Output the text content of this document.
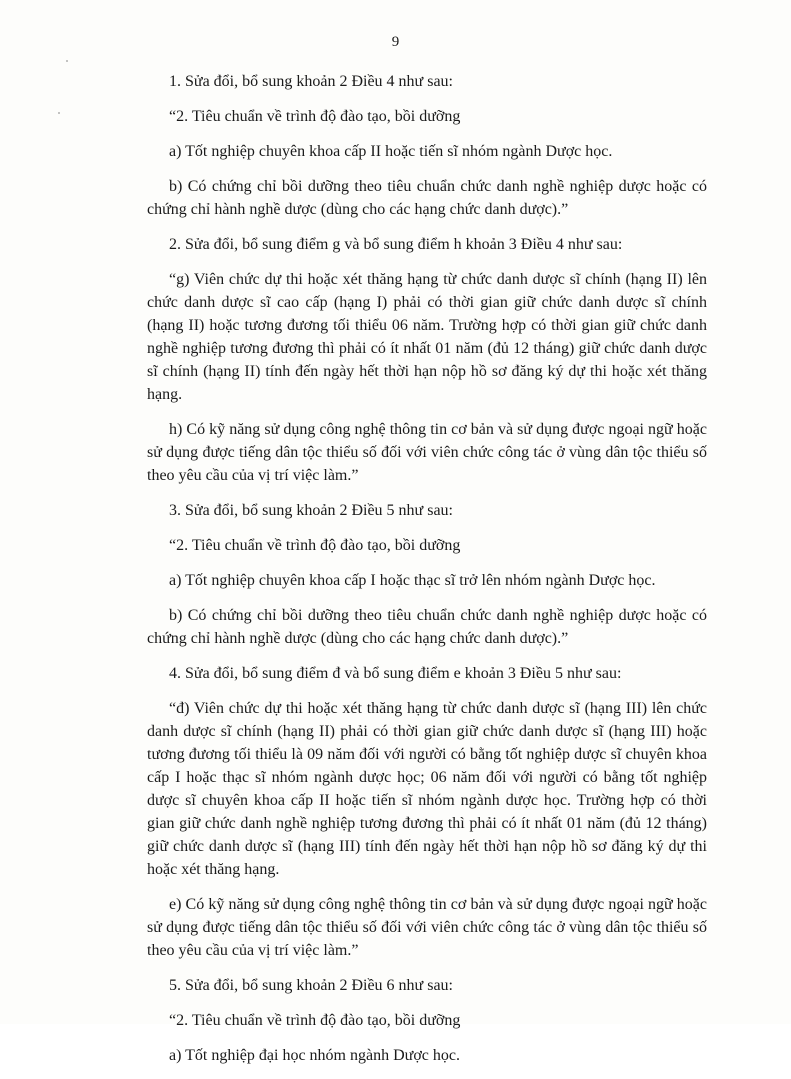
9

1. Sửa đổi, bổ sung khoản 2 Điều 4 như sau:

“2. Tiêu chuẩn về trình độ đào tạo, bồi dưỡng

a) Tốt nghiệp chuyên khoa cấp II hoặc tiến sĩ nhóm ngành Dược học.

b) Có chứng chỉ bồi dưỡng theo tiêu chuẩn chức danh nghề nghiệp dược hoặc có chứng chỉ hành nghề dược (dùng cho các hạng chức danh dược).”

2. Sửa đổi, bổ sung điểm g và bổ sung điểm h khoản 3 Điều 4 như sau:

“g) Viên chức dự thi hoặc xét thăng hạng từ chức danh dược sĩ chính (hạng II) lên chức danh dược sĩ cao cấp (hạng I) phải có thời gian giữ chức danh dược sĩ chính (hạng II) hoặc tương đương tối thiểu 06 năm. Trường hợp có thời gian giữ chức danh nghề nghiệp tương đương thì phải có ít nhất 01 năm (đủ 12 tháng) giữ chức danh dược sĩ chính (hạng II) tính đến ngày hết thời hạn nộp hồ sơ đăng ký dự thi hoặc xét thăng hạng.

h) Có kỹ năng sử dụng công nghệ thông tin cơ bản và sử dụng được ngoại ngữ hoặc sử dụng được tiếng dân tộc thiểu số đối với viên chức công tác ở vùng dân tộc thiểu số theo yêu cầu của vị trí việc làm.”

3. Sửa đổi, bổ sung khoản 2 Điều 5 như sau:

“2. Tiêu chuẩn về trình độ đào tạo, bồi dưỡng

a) Tốt nghiệp chuyên khoa cấp I hoặc thạc sĩ trở lên nhóm ngành Dược học.

b) Có chứng chỉ bồi dưỡng theo tiêu chuẩn chức danh nghề nghiệp dược hoặc có chứng chỉ hành nghề dược (dùng cho các hạng chức danh dược).”

4. Sửa đổi, bổ sung điểm đ và bổ sung điểm e khoản 3 Điều 5 như sau:

“đ) Viên chức dự thi hoặc xét thăng hạng từ chức danh dược sĩ (hạng III) lên chức danh dược sĩ chính (hạng II) phải có thời gian giữ chức danh dược sĩ (hạng III) hoặc tương đương tối thiểu là 09 năm đối với người có bằng tốt nghiệp dược sĩ chuyên khoa cấp I hoặc thạc sĩ nhóm ngành dược học; 06 năm đối với người có bằng tốt nghiệp dược sĩ chuyên khoa cấp II hoặc tiến sĩ nhóm ngành dược học. Trường hợp có thời gian giữ chức danh nghề nghiệp tương đương thì phải có ít nhất 01 năm (đủ 12 tháng) giữ chức danh dược sĩ (hạng III) tính đến ngày hết thời hạn nộp hồ sơ đăng ký dự thi hoặc xét thăng hạng.

e) Có kỹ năng sử dụng công nghệ thông tin cơ bản và sử dụng được ngoại ngữ hoặc sử dụng được tiếng dân tộc thiểu số đối với viên chức công tác ở vùng dân tộc thiểu số theo yêu cầu của vị trí việc làm.”

5. Sửa đổi, bổ sung khoản 2 Điều 6 như sau:

“2. Tiêu chuẩn về trình độ đào tạo, bồi dưỡng

a) Tốt nghiệp đại học nhóm ngành Dược học.
